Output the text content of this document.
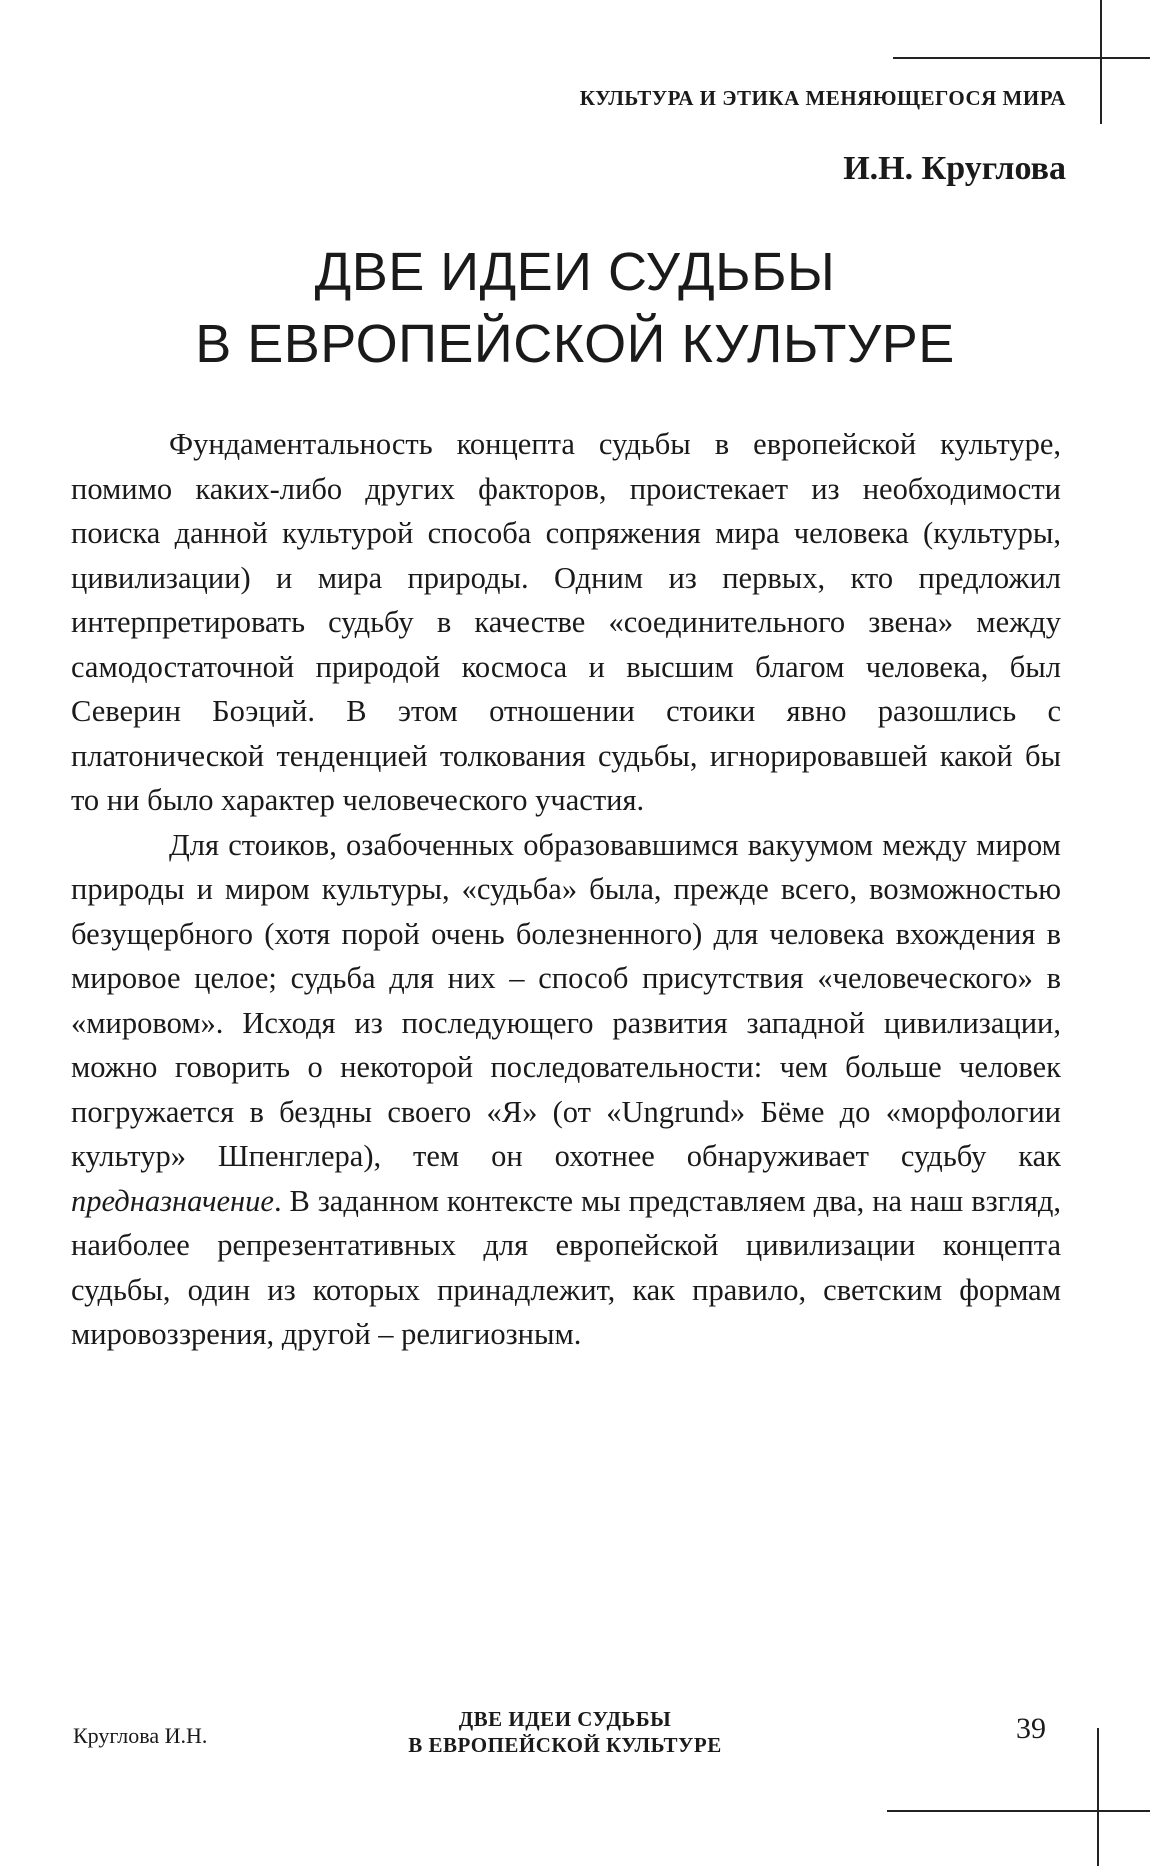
КУЛЬТУРА И ЭТИКА МЕНЯЮЩЕГОСЯ МИРА
И.Н. Круглова
ДВЕ ИДЕИ СУДЬБЫ
В ЕВРОПЕЙСКОЙ КУЛЬТУРЕ

Фундаментальность концепта судьбы в европейской культуре, помимо каких-либо других факторов, проистекает из необходимости поиска данной культурой способа сопряжения мира человека (культуры, цивилизации) и мира природы. Одним из первых, кто предложил интерпретировать судьбу в качестве «соединительного звена» между самодостаточной природой космоса и высшим благом человека, был Северин Боэций. В этом отношении стоики явно разошлись с платонической тенденцией толкования судьбы, игнорировавшей какой бы то ни было характер человеческого участия.

Для стоиков, озабоченных образовавшимся вакуумом между миром природы и миром культуры, «судьба» была, прежде всего, возможностью безущербного (хотя порой очень болезненного) для человека вхождения в мировое целое; судьба для них – способ присутствия «человеческого» в «мировом». Исходя из последующего развития западной цивилизации, можно говорить о некоторой последовательности: чем больше человек погружается в бездны своего «Я» (от «Ungrund» Бёме до «морфологии культур» Шпенглера), тем он охотнее обнаруживает судьбу как предназначение. В заданном контексте мы представляем два, на наш взгляд, наиболее репрезентативных для европейской цивилизации концепта судьбы, один из которых принадлежит, как правило, светским формам мировоззрения, другой – религиозным.

Круглова И.Н.
ДВЕ ИДЕИ СУДЬБЫ
В ЕВРОПЕЙСКОЙ КУЛЬТУРЕ	39
